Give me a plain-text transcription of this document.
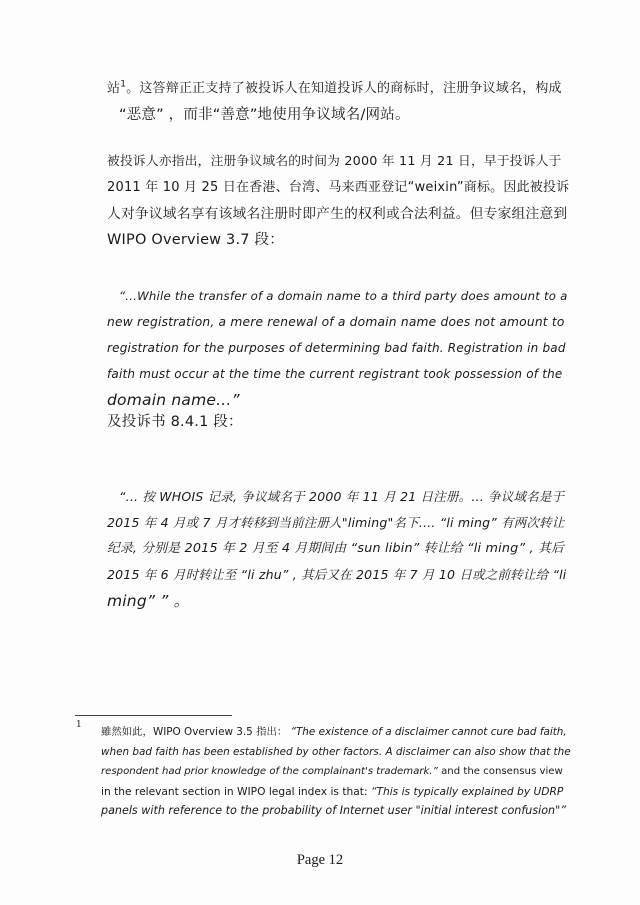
站$^1$。这答辩正正支持了被投诉人在知道投诉人的商标时，注册争议域名，构成
“恶意” ，而非“善意”地使用争议域名/网站。
被投诉人亦指出，注册争议域名的时间为 2000 年 11 月 21 日，早于投诉人于
2011 年 10 月 25 日在香港、台湾、马来西亚登记“weixin”商标。因此被投诉
人对争议域名享有该域名注册时即产生的权利或合法利益。但专家组注意到
WIPO Overview 3.7 段：
“...While the transfer of a domain name to a third party does amount to a
new registration, a mere renewal of a domain name does not amount to
registration for the purposes of determining bad faith. Registration in bad
faith must occur at the time the current registrant took possession of the
domain name...”
及投诉书 8.4.1 段：
“... 按 WHOIS 记录, 争议域名于 2000 年 11 月 21 日注册。... 争议域名是于
2015 年 4 月或 7 月才转移到当前注册人"liming"名下.... “li ming” 有两次转让
纪录, 分别是 2015 年 2 月至 4 月期间由 “sun libin” 转让给 “li ming” , 其后
2015 年 6 月时转让至 “li zhu” , 其后又在 2015 年 7 月 10 日或之前转让给 “li
ming” ” 。
1
雖然如此，WIPO Overview 3.5 指出： “The existence of a disclaimer cannot cure bad faith,
when bad faith has been established by other factors. A disclaimer can also show that the
respondent had prior knowledge of the complainant's trademark.” and the consensus view
in the relevant section in WIPO legal index is that: “This is typically explained by UDRP
panels with reference to the probability of Internet user "initial interest confusion"”
Page 12
